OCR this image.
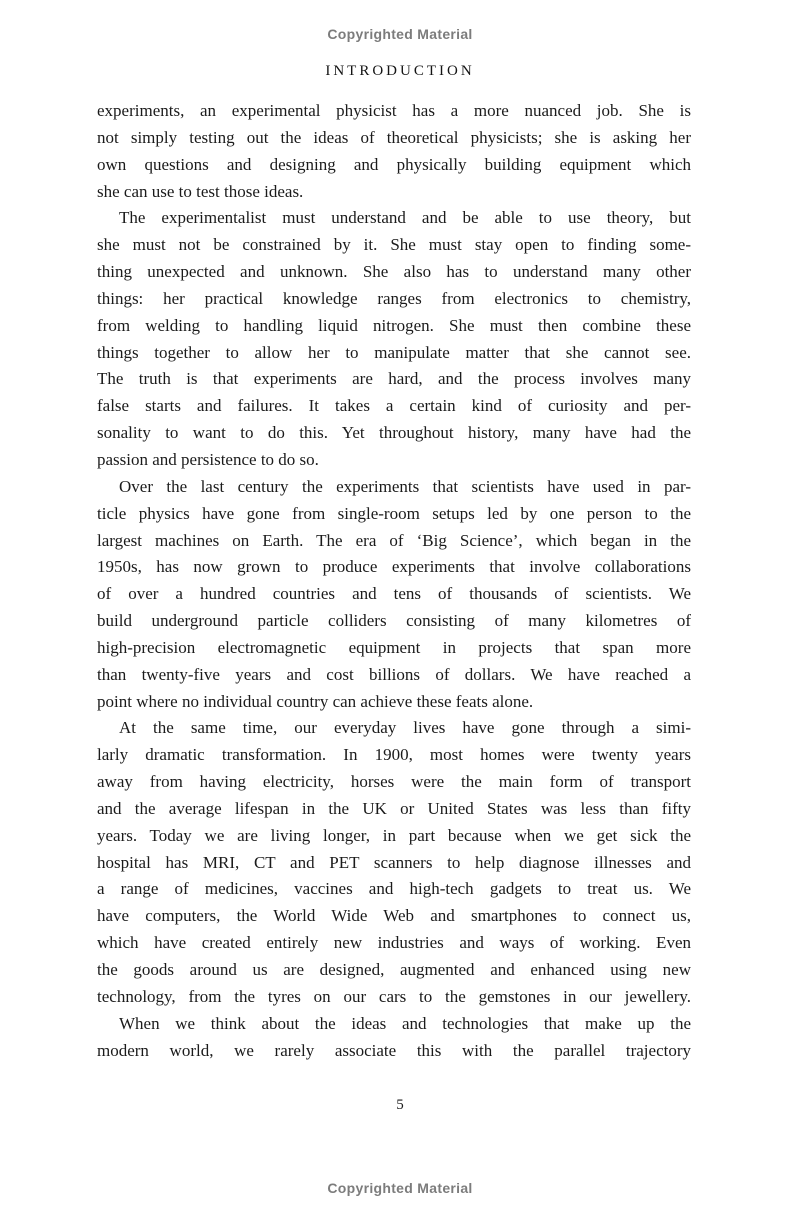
Copyrighted Material
INTRODUCTION
experiments, an experimental physicist has a more nuanced job. She is
not simply testing out the ideas of theoretical physicists; she is asking her
own questions and designing and physically building equipment which
she can use to test those ideas.
The experimentalist must understand and be able to use theory, but
she must not be constrained by it. She must stay open to finding some-
thing unexpected and unknown. She also has to understand many other
things: her practical knowledge ranges from electronics to chemistry,
from welding to handling liquid nitrogen. She must then combine these
things together to allow her to manipulate matter that she cannot see.
The truth is that experiments are hard, and the process involves many
false starts and failures. It takes a certain kind of curiosity and per-
sonality to want to do this. Yet throughout history, many have had the
passion and persistence to do so.
Over the last century the experiments that scientists have used in par-
ticle physics have gone from single-room setups led by one person to the
largest machines on Earth. The era of ‘Big Science’, which began in the
1950s, has now grown to produce experiments that involve collaborations
of over a hundred countries and tens of thousands of scientists. We
build underground particle colliders consisting of many kilometres of
high-precision electromagnetic equipment in projects that span more
than twenty-five years and cost billions of dollars. We have reached a
point where no individual country can achieve these feats alone.
At the same time, our everyday lives have gone through a simi-
larly dramatic transformation. In 1900, most homes were twenty years
away from having electricity, horses were the main form of transport
and the average lifespan in the UK or United States was less than fifty
years. Today we are living longer, in part because when we get sick the
hospital has MRI, CT and PET scanners to help diagnose illnesses and
a range of medicines, vaccines and high-tech gadgets to treat us. We
have computers, the World Wide Web and smartphones to connect us,
which have created entirely new industries and ways of working. Even
the goods around us are designed, augmented and enhanced using new
technology, from the tyres on our cars to the gemstones in our jewellery.
When we think about the ideas and technologies that make up the
modern world, we rarely associate this with the parallel trajectory
5
Copyrighted Material
